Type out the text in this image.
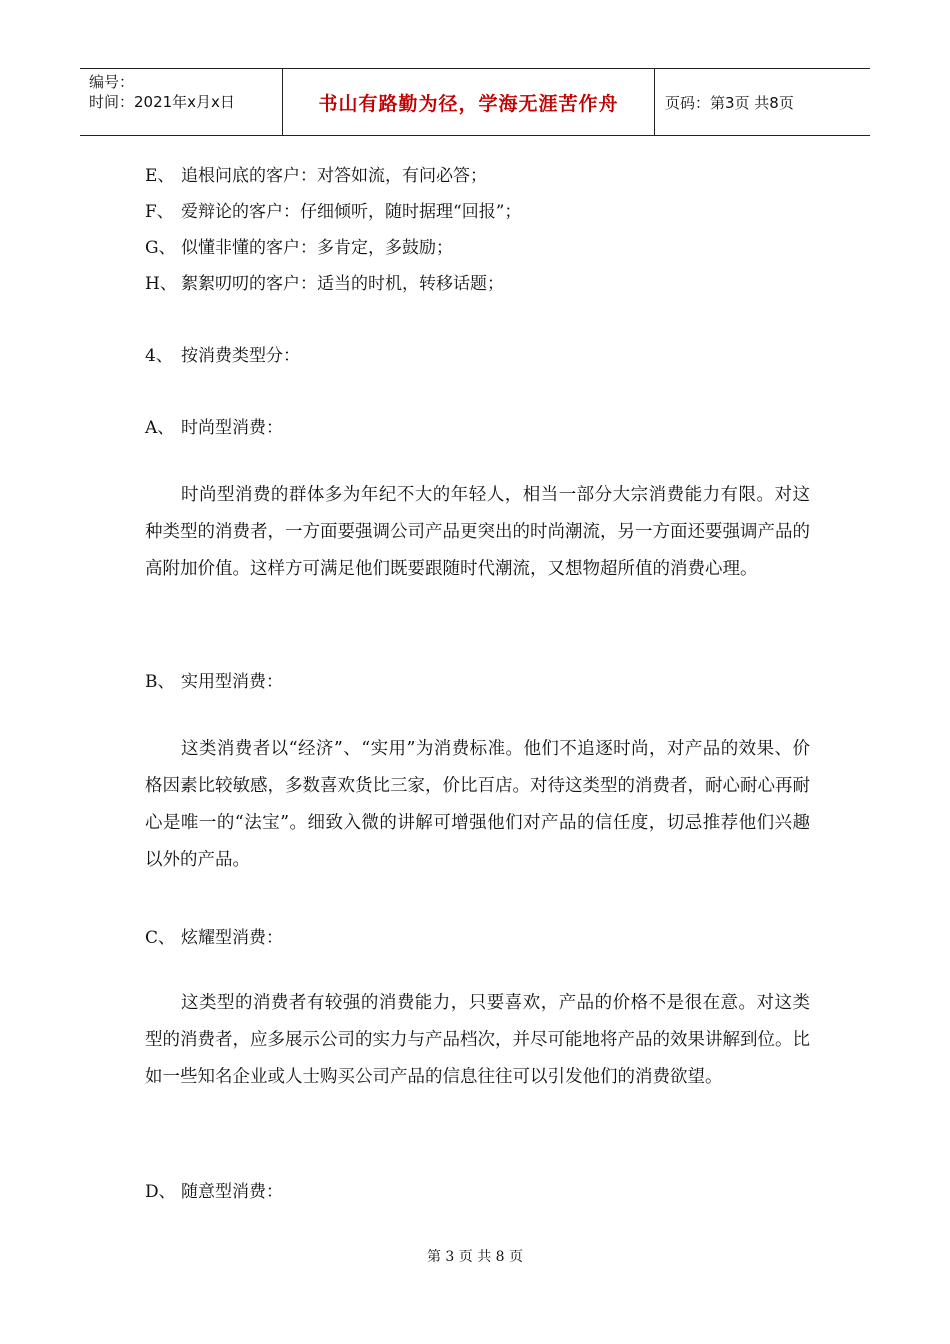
编号：
时间：2021年x月x日	书山有路勤为径，学海无涯苦作舟	页码：第3页 共8页
E、 追根问底的客户：对答如流，有问必答；
F、 爱辩论的客户：仔细倾听，随时据理“回报”；
G、 似懂非懂的客户：多肯定，多鼓励；
H、 絮絮叨叨的客户：适当的时机，转移话题；
4、 按消费类型分：
A、 时尚型消费：
时尚型消费的群体多为年纪不大的年轻人，相当一部分大宗消费能力有限。对这种类型的消费者，一方面要强调公司产品更突出的时尚潮流，另一方面还要强调产品的高附加价值。这样方可满足他们既要跟随时代潮流，又想物超所值的消费心理。
B、 实用型消费：
这类消费者以“经济”、“实用”为消费标准。他们不追逐时尚，对产品的效果、价格因素比较敏感，多数喜欢货比三家，价比百店。对待这类型的消费者，耐心耐心再耐心是唯一的“法宝”。细致入微的讲解可增强他们对产品的信任度，切忌推荐他们兴趣以外的产品。
C、 炫耀型消费：
这类型的消费者有较强的消费能力，只要喜欢，产品的价格不是很在意。对这类型的消费者，应多展示公司的实力与产品档次，并尽可能地将产品的效果讲解到位。比如一些知名企业或人士购买公司产品的信息往往可以引发他们的消费欲望。
D、 随意型消费：
第 3 页 共 8 页
